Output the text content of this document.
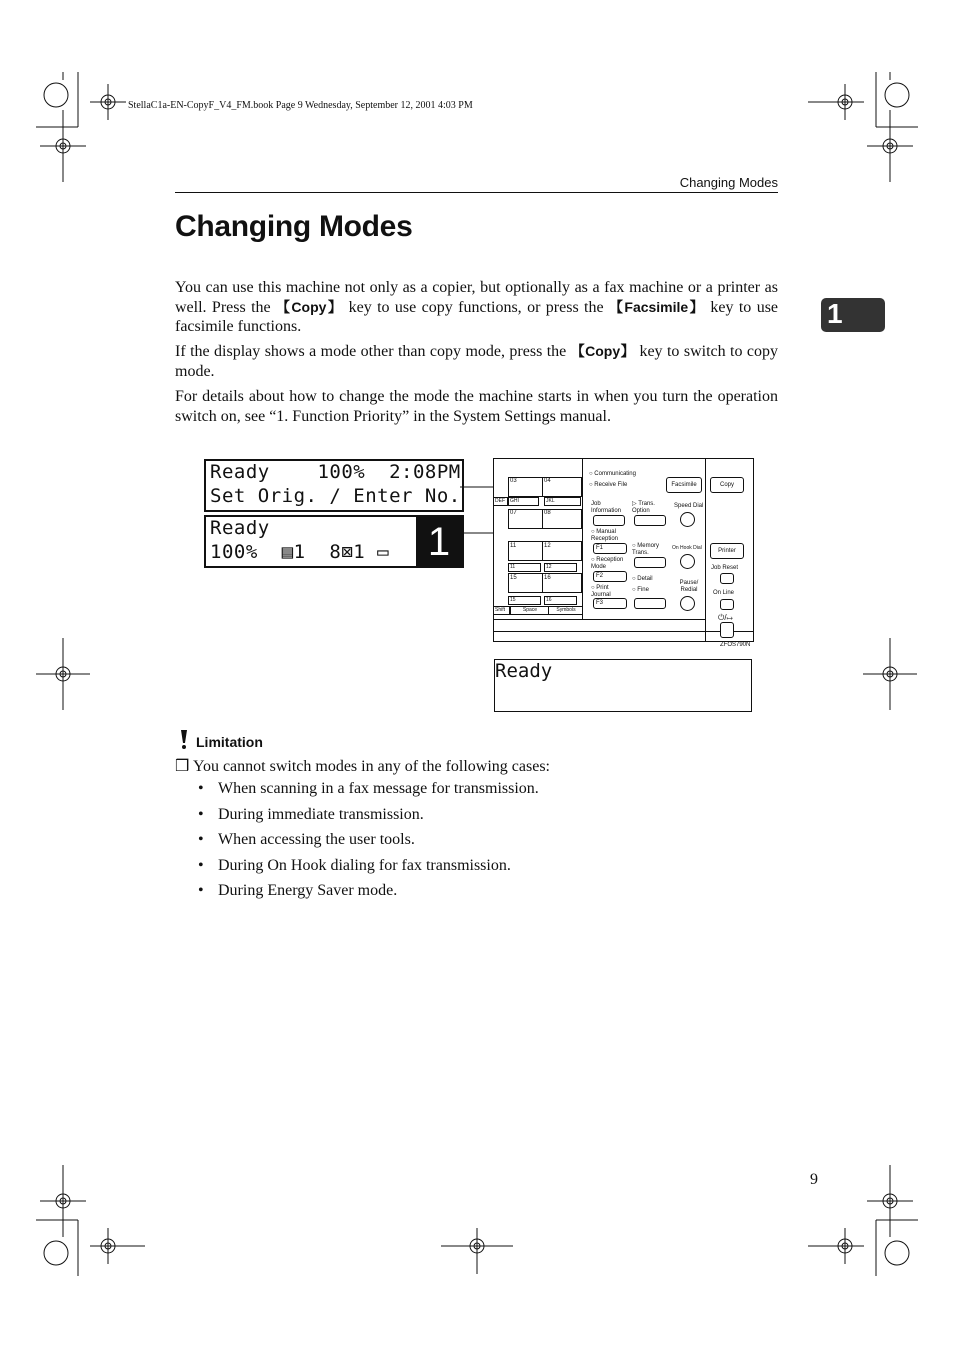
StellaC1a-EN-CopyF_V4_FM.book Page 9 Wednesday, September 12, 2001 4:03 PM
Changing Modes
Changing Modes
1

You can use this machine not only as a copier, but optionally as a fax machine or a printer as well. Press the 【Copy】 key to use copy functions, or press the 【Facsimile】 key to use facsimile functions.

If the display shows a mode other than copy mode, press the 【Copy】 key to switch to copy mode.

For details about how to change the mode the machine starts in when you turn the operation switch on, see “1. Function Priority” in the System Settings manual.

Ready    100%  2:08PM
Set Orig. / Enter No.
Ready
100%  ▤1  8⊠1 ▭ 1
03	04
DEF	GHI	JKL
07	08
11	12
11	12
15	16
15	16
Shift	Space	Symbols
○ Communicating
○ Receive File	Facsimile	Copy
Job Information
▷ Trans. Option
Speed Dial
○ Manual Reception
F1	○ Memory Trans.
On Hook Dial	Printer
Job Reset
○ Reception Mode
F2	○ Detail
○ Fine
Pause/ Redial
○ Print Journal
F3
On Line
⏻/↦
ZFOS790N
Ready
Limitation
❒ You cannot switch modes in any of the following cases:
• When scanning in a fax message for transmission.
• During immediate transmission.
• When accessing the user tools.
• During On Hook dialing for fax transmission.
• During Energy Saver mode.
9
